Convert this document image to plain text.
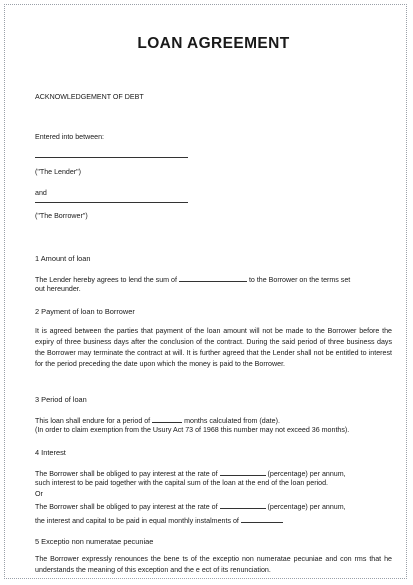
LOAN AGREEMENT
ACKNOWLEDGEMENT OF DEBT
Entered into between:
("The Lender")
and
("The Borrower")
1 Amount of loan
The Lender hereby agrees to lend the sum of	to the Borrower on the terms set
out hereunder.
2 Payment of loan to Borrower
It is agreed between the parties that payment of the loan amount will not be made to the Borrower before the expiry of three business days after the conclusion of the contract. During the said period of three business days the Borrower may terminate the contract at will. It is further agreed that the Lender shall not be entitled to interest for the period preceding the date upon which the money is paid to the Borrower.
3 Period of loan
This loan shall endure for a period of	months calculated from (date).
(In order to claim exemption from the Usury Act 73 of 1968 this number may not exceed 36 months).
4 Interest
The Borrower shall be obliged to pay interest at the rate of	(percentage) per annum,
such interest to be paid together with the capital sum of the loan at the end of the loan period.
Or
The Borrower shall be obliged to pay interest at the rate of	(percentage) per annum,
the interest and capital to be paid in equal monthly instalments of
5 Exceptio non numeratae pecuniae
The Borrower expressly renounces the bene ts of the exceptio non numeratae pecuniae and con rms that he understands the meaning of this exception and the e ect of its renunciation.
